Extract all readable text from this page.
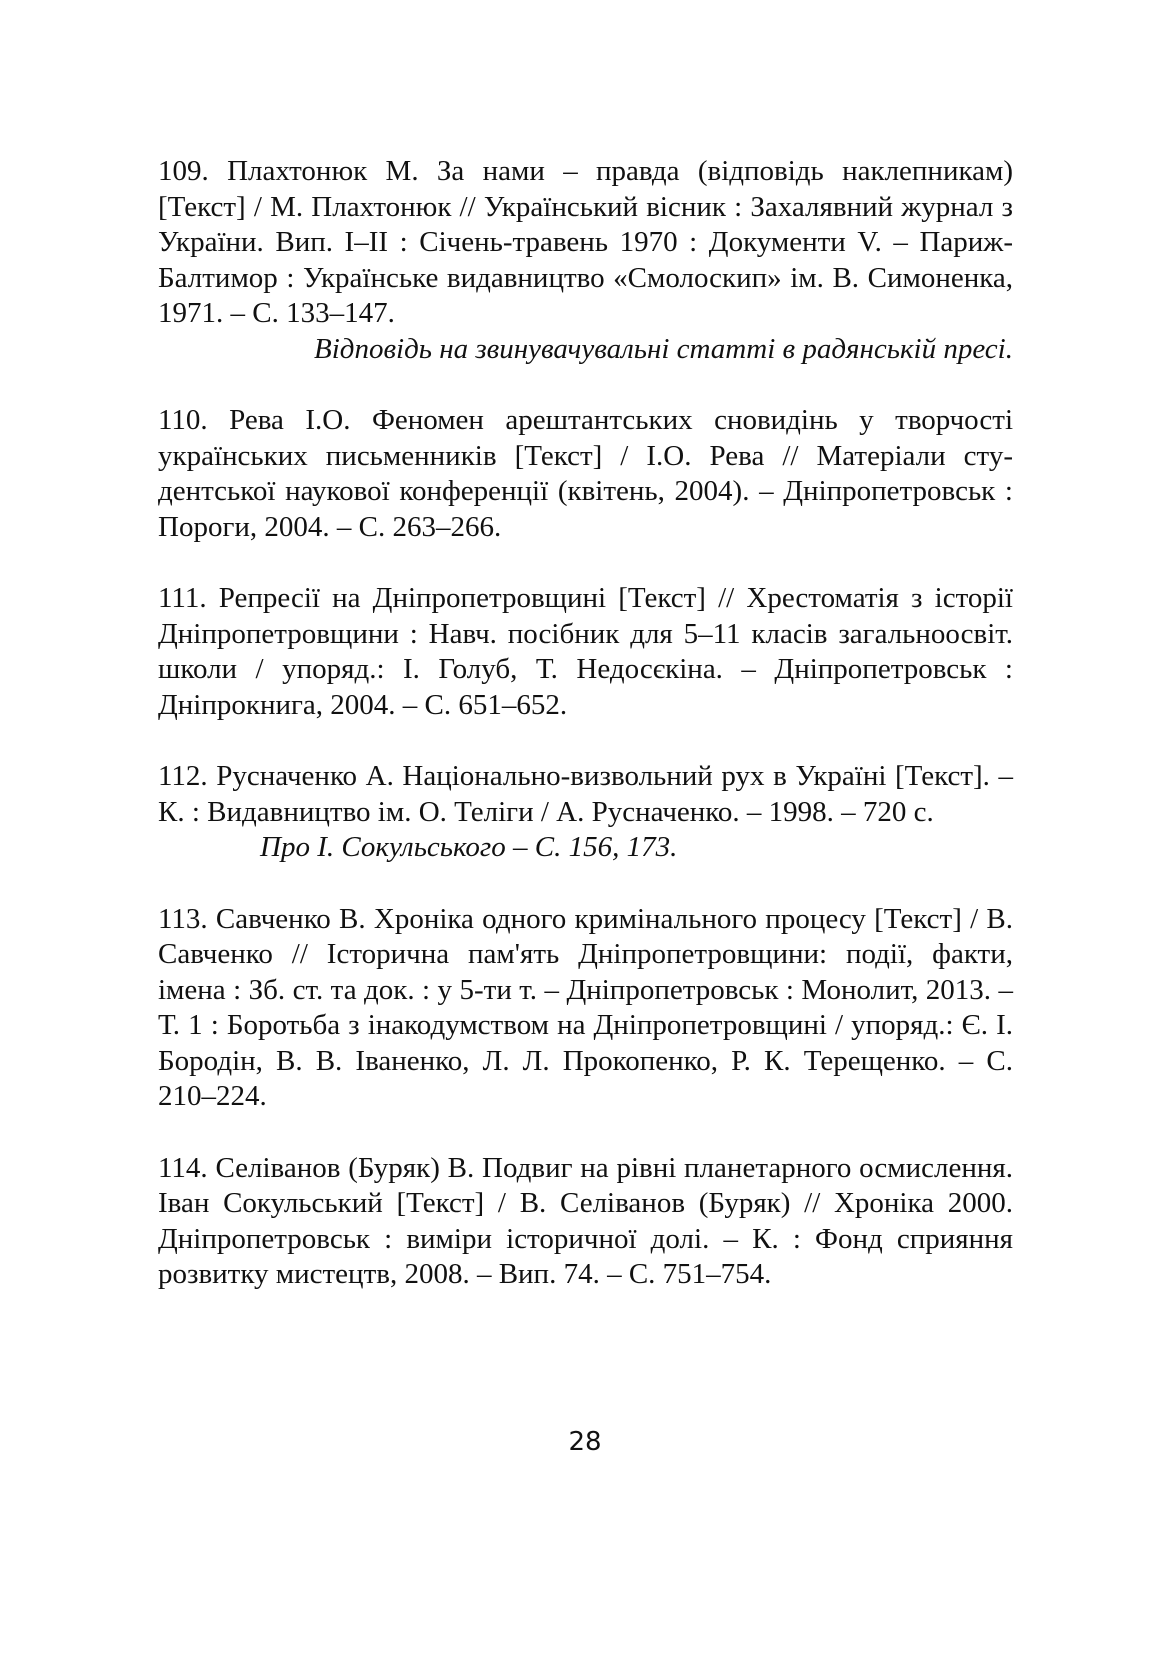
109. Плахтонюк М. За нами – правда (відповідь наклепникам) [Текст] / М. Плахтонюк // Український вісник : Захалявний журнал з України. Вип. I–II : Січень-травень 1970 : Документи V. – Париж-Балтимор : Українське видавництво «Смолоскип» ім. В. Симоненка, 1971. – С. 133–147.

Відповідь на звинувачувальні статті в радянській пресі.

110. Рева І.О. Феномен арештантських сновидінь у творчості українських письменників [Текст] / І.О. Рева // Матеріали студентської наукової конференції (квітень, 2004). – Дніпропетровськ : Пороги, 2004. – С. 263–266.

111. Репресії на Дніпропетровщині [Текст] // Хрестоматія з історії Дніпропетровщини : Навч. посібник для 5–11 класів загальноосвіт. школи / упоряд.: І. Голуб, Т. Недосєкіна. – Дніпропетровськ : Дніпрокнига, 2004. – С. 651–652.

112. Русначенко А. Національно-визвольний рух в Україні [Текст]. – К. : Видавництво ім. О. Теліги / А. Русначенко. – 1998. – 720 с.

Про І. Сокульського – С. 156, 173.

113. Савченко В. Хроніка одного кримінального процесу [Текст] / В. Савченко // Історична пам'ять Дніпропетровщини: події, факти, імена : Зб. ст. та док. : у 5-ти т. – Дніпропетровськ : Монолит, 2013. – Т. 1 : Боротьба з інакодумством на Дніпропетровщині / упоряд.: Є. І. Бородін, В. В. Іваненко, Л. Л. Прокопенко, Р. К. Терещенко. – С. 210–224.

114. Селіванов (Буряк) В. Подвиг на рівні планетарного осмислення. Іван Сокульський [Текст] / В. Селіванов (Буряк) // Хроніка 2000. Дніпропетровськ : виміри історичної долі. – К. : Фонд сприяння розвитку мистецтв, 2008. – Вип. 74. – С. 751–754.

28
